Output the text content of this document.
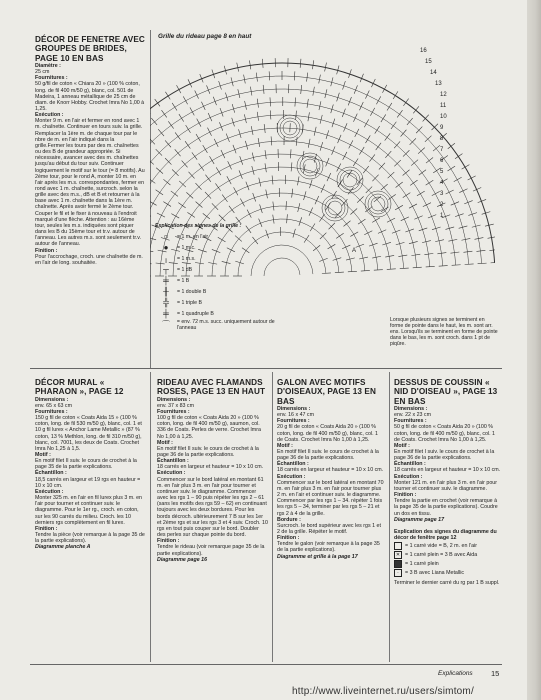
DÉCOR DE FENETRE AVEC GROUPES DE BRIDES, PAGE 10 EN BAS

Diamètre :

25 cm

Fournitures :

50 g/fil de coton « Chiara 20 » (100 % coton, long. de fil 400 m/50 g), blanc, col. 501 de Madeira, 1 anneau métallique de 25 cm de diam. de Knorr Hobby. Crochet Imra No 1,00 à 1,25.

Exécution :

Monter 9 m. en l'air et fermer en rond avec 1 m. chaînette. Continuer en tours suiv. la grille. Remplacer la 1ère m. de chaque tour par le nbre de m. en l'air indiqué dans la grille.Fermer les tours par des m. chaînettes ou des B de grandeur appropriée. Si nécessaire, avancer avec des m. chaînettes jusqu'au début du tour suiv. Continuer logiquement le motif sur le tour (= 8 motifs). Au 2ème tour, pour le rond A, monter 10 m. en l'air après les m.s. correspondantes, fermer en rond avec 1 m. chaînette, surcroch. selon la grille avec des m.s., dB et B et retourner à la base avec 1 m. chaînette dans la 1ère m. chaînette. Après avoir fermé le 2ème tour. Couper le fil et le fixer à nouveau à l'endroit marqué d'une flèche. Attention : au 16ème tour, seules les m.s. indiquées sont piquer dans les B du 15ème tour et tr.v. autour de l'anneau. Les autres m.s. sont seulement tr.v. autour de l'anneau.

Finition :

Pour l'accrochage, croch. une chaînette de m. en l'air de long. souhaitée.

Grille du rideau page 8 en haut
16
15
14
13
12
11
10
9
8
7
6
5
4
3
2
1
A
Explication des signes de la grille :
○	= 1 m. en l'air
●	= 1 m.c.
╷	= 1 m.s.
┬	= 1 dB
╪	= 1 B
╫	= 1 double B
╬	= 1 triple B
╪	= 1 quadruple B
⌒	= env. 72 m.s. succ. uniquement autour de l'anneau
Lorsque plusieurs signes se terminent en forme de pointe dans le haut, les m. sont arr. ens. Lorsqu'ils se terminent en forme de pointe dans le bas, les m. sont croch. dans 1 pt de piqûre.

DÉCOR MURAL « PHARAON », PAGE 12

Dimensions :

env. 65 x 63 cm

Fournitures :

150 g fil de coton « Coats Aida 15 » (100 % coton, long. de fil 530 m/50 g), blanc, col. 1 et 10 g fil lurex « Anchor Lame Metallic » (87 % coton, 13 % Methlon, long. de fil 310 m/50 g), blanc, col. 7001, les deux de Coats. Crochet Imra No 1,25 à 1,5.

Motif :

En motif filet II suiv. le cours de crochet à la page 35 de la partie explications.

Échantillon :

18,5 carrés en largeur et 19 rgs en hauteur = 10 x 10 cm.

Exécution :

Monter 325 m. en l'air en fil lurex plus 3 m. en l'air pour tourner et continuer suiv. le diagramme. Pour le 1er rg., croch. en coton, sur les 90 carrés du milieu. Croch. les 10 derniers rgs complètement en fil lurex.

Finition :

Tendre la pièce (voir remarque à la page 35 de la partie explications).

Diagramme planche A

RIDEAU AVEC FLAMANDS ROSES, PAGE 13 EN HAUT

Dimensions :

env. 37 x 83 cm

Fournitures :

100 g fil de coton « Coats Aida 20 » (100 % coton, long. de fil 400 m/50 g), saumon, col. 336 de Coats. Perles de verre. Crochet Imra No 1,00 à 1,25.

Motif :

En motif filet II suiv. le cours de crochet à la page 36 de la partie explications.

Échantillon :

18 carrés en largeur et hauteur = 10 x 10 cm.

Exécution :

Commencer sur le bord latéral en montant 61 m. en l'air plus 3 m. en l'air pour tourner et continuer suiv. le diagramme. Commencer avec les rgs 1 – 90 puis répéter les rgs 2 – 61 (sans les motifs des rgs 59 – 62) en continuant toujours avec les deux bordures. Pour les bords décroch. ultérieurement 7 B sur les 1er et 2ème rgs et sur les rgs 3 et 4 suiv. Croch. 10 rgs en tout puis couper sur le bord. Doubler des perles sur chaque pointe du bord.

Finition :

Tendre le rideau (voir remarque page 35 de la partie explications).

Diagramme page 16

GALON AVEC MOTIFS D'OISEAUX, PAGE 13 EN BAS

Dimensions :

env. 16 x 47 cm

Fournitures :

20 g fil de coton « Coats Aida 20 » (100 % coton, long. de fil 400 m/50 g), blanc, col. 1 de Coats. Crochet Imra No 1,00 à 1,25.

Motif :

En motif filet II suiv. le cours de crochet à la page 36 de la partie explications.

Échantillon :

18 carrés en largeur et hauteur = 10 x 10 cm.

Exécution :

Commencer sur le bord latéral en montant 70 m. en l'air plus 3 m. en l'air pour tourner plus 2 m. en l'air et continuer suiv. le diagramme. Commencer par les rgs 1 – 34. répéter 1 fois les rgs 5 – 34, terminer par les rgs 5 – 21 et rgs 2 à 4 de la grille.

Bordure :

Surcroch. le bord supérieur avec les rgs 1 et 2 de la grille. Répéter le motif.

Finition :

Tendre le galon (voir remarque à la page 35 de la partie explications).

Diagramme et grille à la page 17

DESSUS DE COUSSIN « NID D'OISEAU », PAGE 13 EN BAS

Dimensions :

env. 22 x 23 cm

Fournitures :

50 g fil de coton « Coats Aida 20 » (100 % coton, long. de fil 400 m/50 g), blanc, col. 1 de Coats. Crochet Imra No 1,00 à 1,25.

Motif :

En motif filet I suiv. le cours de crochet à la page 36 de la partie explications.

Échantillon :

18 carrés en largeur et hauteur = 10 x 10 cm.

Exécution :

Monter 121 m. en l'air plus 3 m. en l'air pour tourner et continuer suiv. le diagramme.

Finition :

Tendre la partie en crochet (voir remarque à la page 35 de la partie explications). Coudre un dos en tissu.

Diagramme page 17

Explication des signes du diagramme du décor de fenêtre page 12

= 1 carré vide = B, 2 m. en l'air
✕ = 1 carré plein = 3 B avec Aida
= 1 carré plein
·	= 3 B avec Liana Metallic

Terminer le dernier carré du rg par 1 B suppl.

Explications 15
http://www.liveinternet.ru/users/simtom/
